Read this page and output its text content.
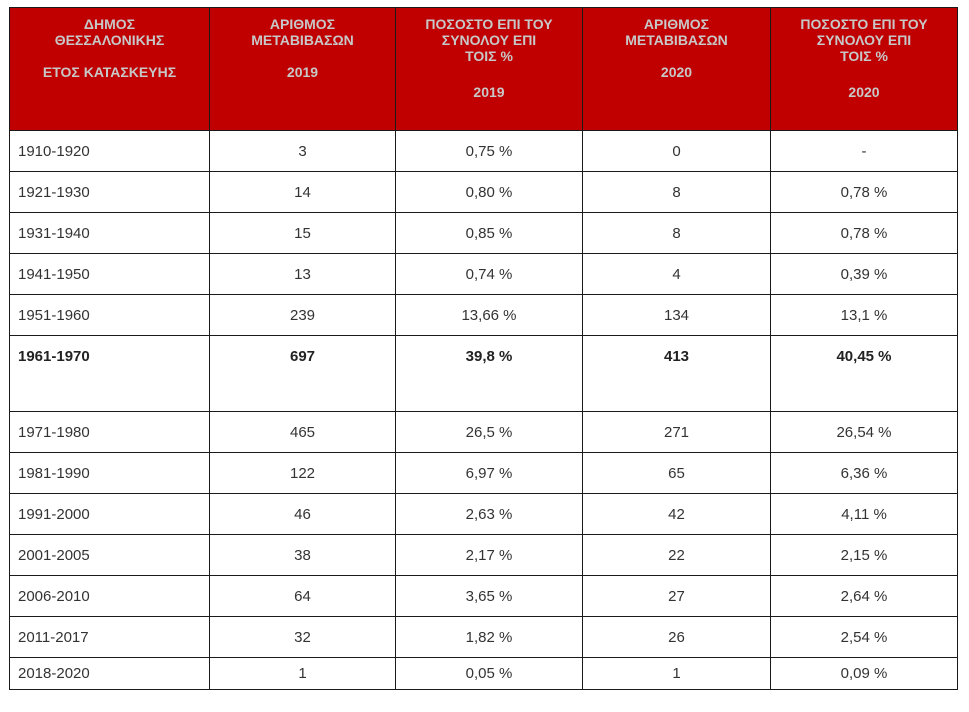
ΔΗΜΟΣ
ΘΕΣΣΑΛΟΝΙΚΗΣ
ΕΤΟΣ ΚΑΤΑΣΚΕΥΗΣ	ΑΡΙΘΜΟΣ
ΜΕΤΑΒΙΒΑΣΩΝ
2019	ΠΟΣΟΣΤΟ ΕΠΙ ΤΟΥ
ΣΥΝΟΛΟΥ ΕΠΙ
ΤΟΙΣ %
2019	ΑΡΙΘΜΟΣ
ΜΕΤΑΒΙΒΑΣΩΝ
2020	ΠΟΣΟΣΤΟ ΕΠΙ ΤΟΥ
ΣΥΝΟΛΟΥ ΕΠΙ
ΤΟΙΣ %
2020

1910-1920	3	0,75 %	0	-
1921-1930	14	0,80 %	8	0,78 %
1931-1940	15	0,85 %	8	0,78 %
1941-1950	13	0,74 %	4	0,39 %
1951-1960	239	13,66 %	134	13,1 %
1961-1970	697	39,8 %	413	40,45 %
1971-1980	465	26,5 %	271	26,54 %
1981-1990	122	6,97 %	65	6,36 %
1991-2000	46	2,63 %	42	4,11 %
2001-2005	38	2,17 %	22	2,15 %
2006-2010	64	3,65 %	27	2,64 %
2011-2017	32	1,82 %	26	2,54 %
2018-2020	1	0,05 %	1	0,09 %
